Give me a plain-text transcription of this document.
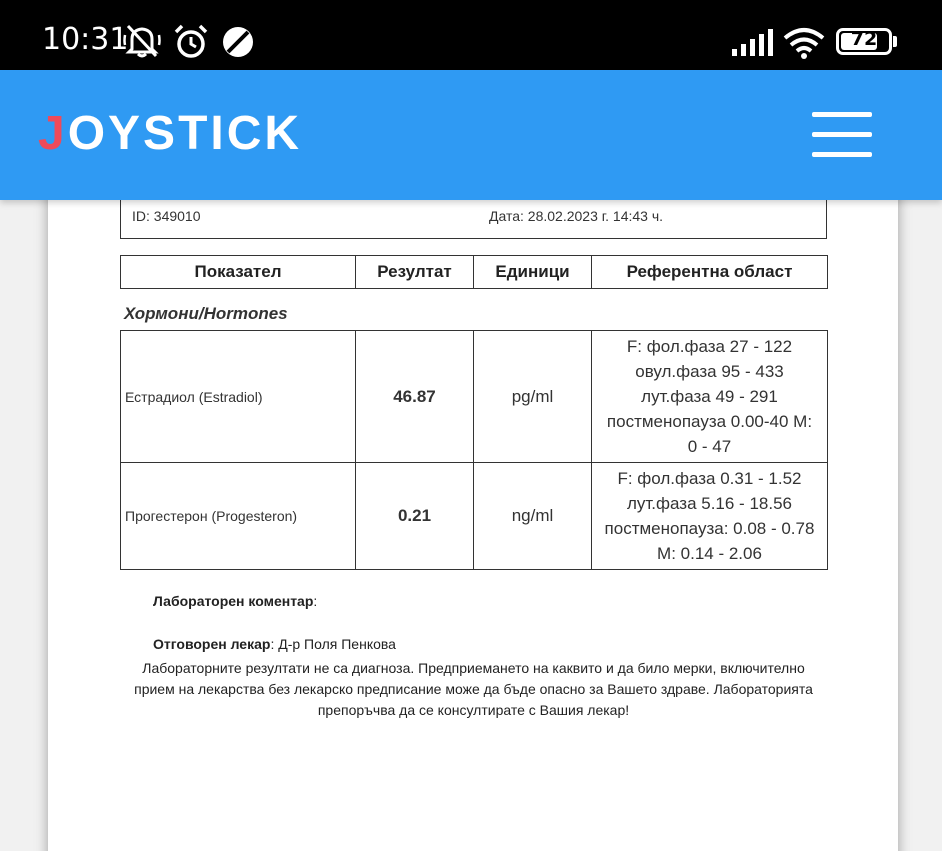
10:31	72
JOYSTICK
ID: 349010	Дата: 28.02.2023 г. 14:43 ч.
Показател	Резултат	Единици	Референтна област
Хормони/Hormones
Естрадиол (Estradiol)	46.87	pg/ml	F: фол.фаза 27 - 122
овул.фаза 95 - 433
лут.фаза 49 - 291
постменопауза 0.00-40 M:
0 - 47

Прогестерон (Progesteron)	0.21	ng/ml	F: фол.фаза 0.31 - 1.52
лут.фаза 5.16 - 18.56
постменопауза: 0.08 - 0.78
M: 0.14 - 2.06
Лабораторен коментар:
Отговорен лекар: Д-р Поля Пенкова
Лабораторните резултати не са диагноза. Предприемането на каквито и да било мерки, включително прием на лекарства без лекарско предписание може да бъде опасно за Вашето здраве. Лабораторията препоръчва да се консултирате с Вашия лекар!
